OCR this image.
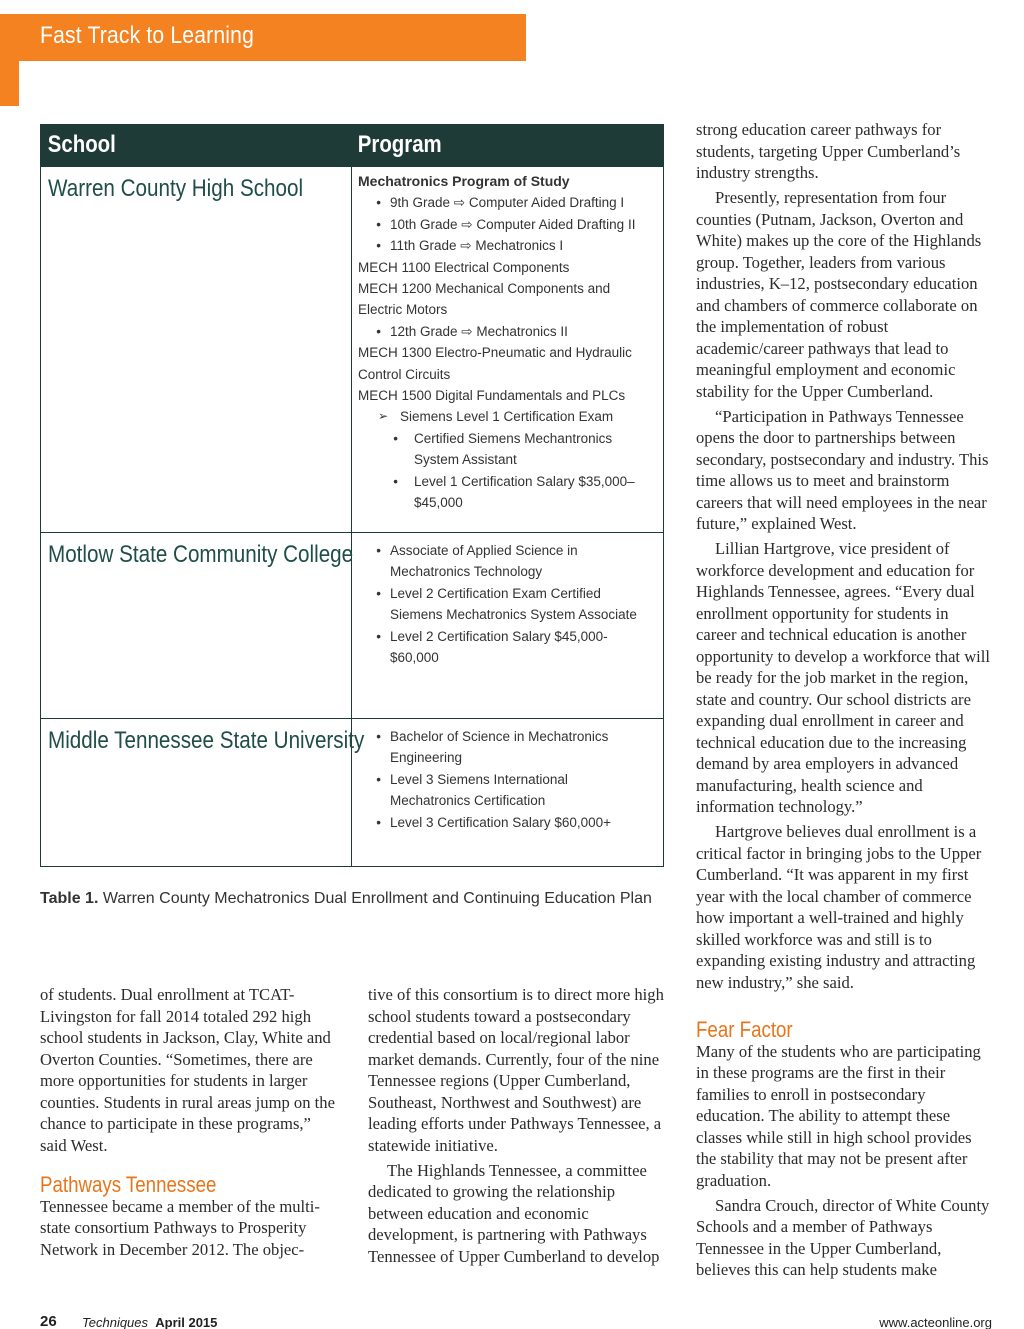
Fast Track to Learning
School	Program
Warren County High School	Mechatronics Program of Study
• 9th Grade ⇨ Computer Aided Drafting I
• 10th Grade ⇨ Computer Aided Drafting II
• 11th Grade ⇨ Mechatronics I
MECH 1100 Electrical Components
MECH 1200 Mechanical Components and
Electric Motors
• 12th Grade ⇨ Mechatronics II
MECH 1300 Electro-Pneumatic and Hydraulic
Control Circuits
MECH 1500 Digital Fundamentals and PLCs
➢ Siemens Level 1 Certification Exam
•	Certified Siemens Mechantronics
System Assistant
•	Level 1 Certification Salary $35,000–
$45,000
Motlow State Community College	• Associate of Applied Science in
Mechatronics Technology
• Level 2 Certification Exam Certified
Siemens Mechatronics System Associate
• Level 2 Certification Salary $45,000-
$60,000
Middle Tennessee State University • Bachelor of Science in Mechatronics
Engineering
• Level 3 Siemens International
Mechatronics Certification
• Level 3 Certification Salary $60,000+
Table 1. Warren County Mechatronics Dual Enrollment and Continuing Education Plan

of students. Dual enrollment at TCAT-Livingston for fall 2014 totaled 292 high school students in Jackson, Clay, White and Overton Counties. “Sometimes, there are more opportunities for students in larger counties. Students in rural areas jump on the chance to participate in these programs,” said West.

Pathways Tennessee

Tennessee became a member of the multi-state consortium Pathways to Prosperity Network in December 2012. The objec-

tive of this consortium is to direct more high school students toward a postsecondary credential based on local/regional labor market demands. Currently, four of the nine Tennessee regions (Upper Cumberland, Southeast, Northwest and Southwest) are leading efforts under Pathways Tennessee, a statewide initiative.

The Highlands Tennessee, a committee dedicated to growing the relationship between education and economic development, is partnering with Pathways Tennessee of Upper Cumberland to develop

strong education career pathways for students, targeting Upper Cumberland’s industry strengths.

Presently, representation from four counties (Putnam, Jackson, Overton and White) makes up the core of the Highlands group. Together, leaders from various industries, K–12, postsecondary education and chambers of commerce collaborate on the implementation of robust academic/career pathways that lead to meaningful employment and economic stability for the Upper Cumberland.

“Participation in Pathways Tennessee opens the door to partnerships between secondary, postsecondary and industry. This time allows us to meet and brainstorm careers that will need employees in the near future,” explained West.

Lillian Hartgrove, vice president of workforce development and education for Highlands Tennessee, agrees. “Every dual enrollment opportunity for students in career and technical education is another opportunity to develop a workforce that will be ready for the job market in the region, state and country. Our school districts are expanding dual enrollment in career and technical education due to the increasing demand by area employers in advanced manufacturing, health science and information technology.”

Hartgrove believes dual enrollment is a critical factor in bringing jobs to the Upper Cumberland. “It was apparent in my first year with the local chamber of commerce how important a well-trained and highly skilled workforce was and still is to expanding existing industry and attracting new industry,” she said.

Fear Factor

Many of the students who are participating in these programs are the first in their families to enroll in postsecondary education. The ability to attempt these classes while still in high school provides the stability that may not be present after graduation.

Sandra Crouch, director of White County Schools and a member of Pathways Tennessee in the Upper Cumberland, believes this can help students make

26 Techniques April 2015	www.acteonline.org
